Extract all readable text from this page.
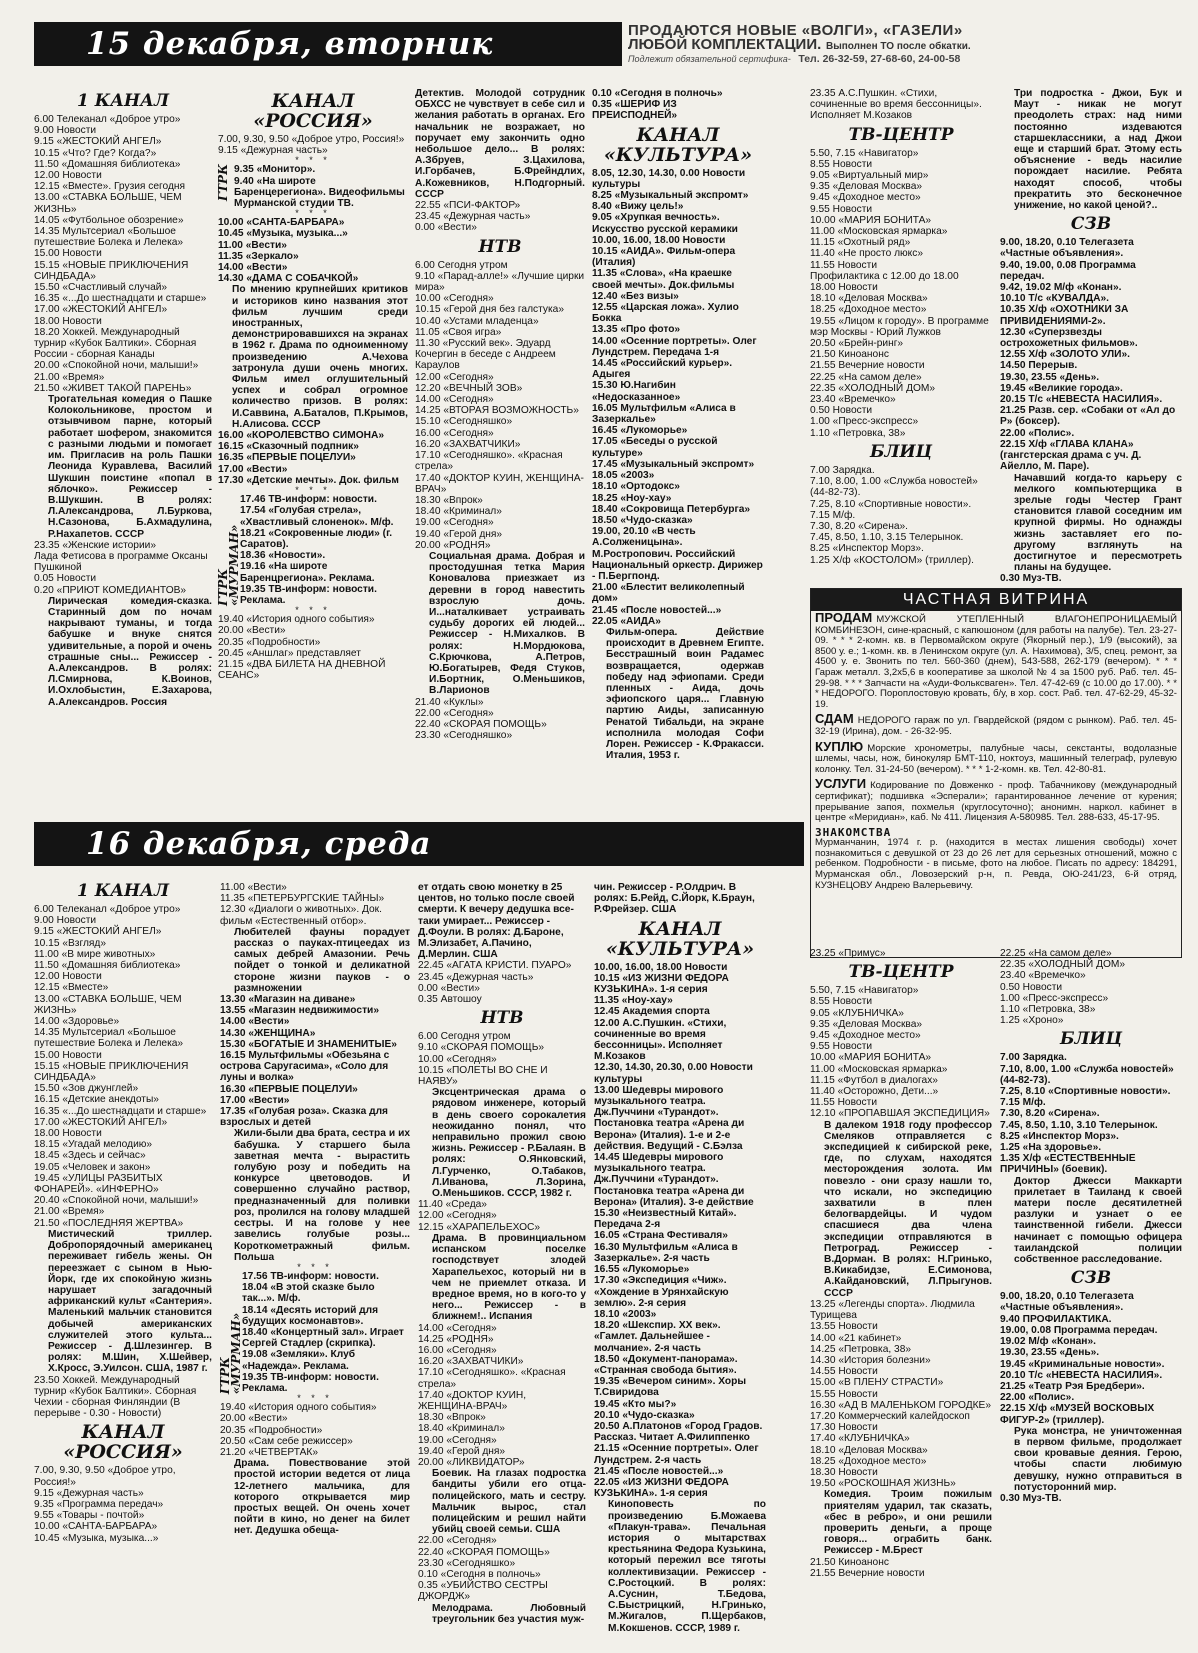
15 декабря, вторник	ПРОДАЮТСЯ НОВЫЕ «ВОЛГИ», «ГАЗЕЛИ»
ЛЮБОЙ КОМПЛЕКТАЦИИ. Выполнен ТО после обкатки.
Подлежит обязательной сертифика- Тел. 26-32-59, 27-68-60, 24-00-58
1 КАНАЛ
6.00 Телеканал «Доброе утро»
9.00 Новости
9.15 «ЖЕСТОКИЙ АНГЕЛ»
10.15 «Что? Где? Когда?»
11.50 «Домашняя библиотека»
12.00 Новости
12.15 «Вместе». Грузия сегодня
13.00 «СТАВКА БОЛЬШЕ, ЧЕМ ЖИЗНЬ»
14.05 «Футбольное обозрение»
14.35 Мультсериал «Большое путешествие Болека и Лелека»
15.00 Новости
15.15 «НОВЫЕ ПРИКЛЮЧЕНИЯ СИНДБАДА»
15.50 «Счастливый случай»
16.35 «...До шестнадцати и старше»
17.00 «ЖЕСТОКИЙ АНГЕЛ»
18.00 Новости
18.20 Хоккей. Международный турнир «Кубок Балтики». Сборная России - сборная Канады
20.00 «Спокойной ночи, малыши!»
21.00 «Время»
21.50 «ЖИВЕТ ТАКОЙ ПАРЕНЬ»
Трогательная комедия о Пашке Колокольникове, простом и отзывчивом парне, который работает шофером, знакомится с разными людьми и помогает им. Пригласив на роль Пашки Леонида Куравлева, Василий Шукшин поистине «попал в яблочко». Режиссер - В.Шукшин. В ролях: Л.Александрова, Л.Буркова, Н.Сазонова, Б.Ахмадулина, Р.Нахапетов. СССР
23.35 «Женские истории»
Лада Фетисова в программе Оксаны Пушкиной
0.05 Новости
0.20 «ПРИЮТ КОМЕДИАНТОВ»
Лирическая комедия-сказка. Старинный дом по ночам накрывают туманы, и тогда бабушке и внуке снятся удивительные, а порой и очень страшные сны... Режиссер - А.Александров. В ролях: Л.Смирнова, К.Воинов, И.Охлобыстин, Е.Захарова, А.Александров. Россия
КАНАЛ «РОССИЯ»
7.00, 9.30, 9.50 «Доброе утро, Россия!»
9.15 «Дежурная часть»
* * *
ГТРК 9.35 «Монитор».
9.40 «На широте Баренцерегиона». Видеофильмы Мурманской студии ТВ.
* * *
10.00 «САНТА-БАРБАРА»
10.45 «Музыка, музыка...»
11.00 «Вести»
11.35 «Зеркало»
14.00 «Вести»
14.30 «ДАМА С СОБАЧКОЙ»
По мнению крупнейших критиков и историков кино названия этот фильм лучшим среди иностранных, демонстрировавшихся на экранах в 1962 г. Драма по одноименному произведению А.Чехова затронула души очень многих. Фильм имел оглушительный успех и собрал огромное количество призов. В ролях: И.Саввина, А.Баталов, П.Крымов, Н.Алисова. СССР
16.00 «КОРОЛЕВСТВО СИМОНА»
16.15 «Сказочный подпник»
16.35 «ПЕРВЫЕ ПОЦЕЛУИ»
17.00 «Вести»
17.30 «Детские мечты». Док. фильм
* * *
ГТРК «МУРМАН»
17.46 ТВ-информ: новости.
17.54 «Голубая стрела», «Хвастливый слоненок». М/ф.
18.21 «Сокровенные люди» (г. Саратов).
18.36 «Новости».
19.16 «На широте Баренцрегиона». Реклама.
19.35 ТВ-информ: новости. Реклама.
* * *
19.40 «История одного события»
20.00 «Вести»
20.35 «Подробности»
20.45 «Аншлаг» представляет
21.15 «ДВА БИЛЕТА НА ДНЕВНОЙ СЕАНС»
Детектив. Молодой сотрудник ОБХСС не чувствует в себе сил и желания работать в органах. Его начальник не возражает, но поручает ему закончить одно небольшое дело... В ролях: А.Збруев, З.Цахилова, И.Горбачев, Б.Фрейндлих, А.Кожевников, Н.Подгорный. СССР
22.55 «ПСИ-ФАКТОР»
23.45 «Дежурная часть»
0.00 «Вести»
НТВ
6.00 Сегодня утром
9.10 «Парад-алле!» «Лучшие цирки мира»
10.00 «Сегодня»
10.15 «Герой дня без галстука»
10.40 «Устами младенца»
11.05 «Своя игра»
11.30 «Русский век». Эдуард Кочергин в беседе с Андреем Караулов
12.00 «Сегодня»
12.20 «ВЕЧНЫЙ ЗОВ»
14.00 «Сегодня»
14.25 «ВТОРАЯ ВОЗМОЖНОСТЬ»
15.10 «Сегодняшко»
16.00 «Сегодня»
16.20 «ЗАХВАТЧИКИ»
17.10 «Сегодняшко». «Красная стрела»
17.40 «ДОКТОР КУИН, ЖЕНЩИНА-ВРАЧ»
18.30 «Впрок»
18.40 «Криминал»
19.00 «Сегодня»
19.40 «Герой дня»
20.00 «РОДНЯ»
Социальная драма. Добрая и простодушная тетка Мария Коновалова приезжает из деревни в город навестить взрослую дочь. И...наталкивает устраивать судьбу дорогих ей людей... Режиссер - Н.Михалков. В ролях: Н.Мордюкова, С.Крючкова, А.Петров, Ю.Богатырев, Федя Стуков, И.Бортник, О.Меньшиков, В.Ларионов
21.40 «Куклы»
22.00 «Сегодня»
22.40 «СКОРАЯ ПОМОЩЬ»
23.30 «Сегодняшко»
0.10 «Сегодня в полночь»
0.35 «ШЕРИФ ИЗ ПРЕИСПОДНЕЙ»
КАНАЛ «КУЛЬТУРА»
8.05, 12.30, 14.30, 0.00 Новости культуры
8.25 «Музыкальный экспромт»
8.40 «Вижу цель!»
9.05 «Хрупкая вечность». Искусство русской керамики
10.00, 16.00, 18.00 Новости
10.15 «АИДА». Фильм-опера (Италия)
11.35 «Слова», «На краешке своей мечты». Док.фильмы
12.40 «Без визы»
12.55 «Царская ложа». Хулио Бокка
13.35 «Про фото»
14.00 «Осенние портреты». Олег Лундстрем. Передача 1-я
14.45 «Российский курьер». Адыгея
15.30 Ю.Нагибин «Недосказанное»
16.05 Мультфильм «Алиса в Зазеркалье»
16.45 «Лукоморье»
17.05 «Беседы о русской культуре»
17.45 «Музыкальный экспромт»
18.05 «2003»
18.10 «Ортодокс»
18.25 «Ноу-хау»
18.40 «Сокровища Петербурга»
18.50 «Чудо-сказка»
19.00, 20.10 «В честь А.Солженицына». М.Ростропович. Российский Национальный оркестр. Дирижер - П.Бергпонд.
21.00 «Блестит великолепный дом»
21.45 «После новостей...»
22.05 «АИДА»
Фильм-опера. Действие происходит в Древнем Египте. Бесстрашный воин Радамес возвращается, одержав победу над эфиопами. Среди пленных - Аида, дочь эфиопского царя... Главную партию Аиды, записанную Ренатой Тибальди, на экране исполнила молодая Софи Лорен. Режиссер - К.Фракасси. Италия, 1953 г.
23.35 А.С.Пушкин. «Стихи, сочиненные во время бессонницы». Исполняет М.Козаков
ТВ-ЦЕНТР
5.50, 7.15 «Навигатор»
8.55 Новости
9.05 «Виртуальный мир»
9.35 «Деловая Москва»
9.45 «Доходное место»
9.55 Новости
10.00 «МАРИЯ БОНИТА»
11.00 «Московская ярмарка»
11.15 «Охотный ряд»
11.40 «Не просто люкс»
11.55 Новости
Профилактика с 12.00 до 18.00
18.00 Новости
18.10 «Деловая Москва»
18.25 «Доходное место»
19.55 «Лицом к городу». В программе мэр Москвы - Юрий Лужков
20.50 «Брейн-ринг»
21.50 Киноанонс
21.55 Вечерние новости
22.25 «На самом деле»
22.35 «ХОЛОДНЫЙ ДОМ»
23.40 «Времечко»
0.50 Новости
1.00 «Пресс-экспресс»
1.10 «Петровка, 38»
БЛИЦ
7.00 Зарядка.
7.10, 8.00, 1.00 «Служба новостей» (44-82-73).
7.25, 8.10 «Спортивные новости».
7.15 М/ф.
7.30, 8.20 «Сирена».
7.45, 8.50, 1.10, 3.15 Телерынок.
8.25 «Инспектор Морз».
1.25 Х/ф «КОСТОЛОМ» (триллер).
Три подростка - Джои, Бук и Маут - никак не могут преодолеть страх: над ними постоянно издеваются старшеклассники, а над Джои еще и старший брат. Этому есть объяснение - ведь насилие порождает насилие. Ребята находят способ, чтобы прекратить это бесконечное унижение, но какой ценой?..
СЗВ
9.00, 18.20, 0.10 Телегазета «Частные объявления».
9.40, 19.00, 0.08 Программа передач.
9.42, 19.02 М/ф «Конан».
10.10 Т/с «КУВАЛДА».
10.35 Х/ф «ОХОТНИКИ ЗА ПРИВИДЕНИЯМИ-2».
12.30 «Суперзвезды острохожетных фильмов».
12.55 Х/ф «ЗОЛОТО УЛИ».
14.50 Перерыв.
19.30, 23.55 «День».
19.45 «Великие города».
20.15 Т/с «НЕВЕСТА НАСИЛИЯ».
21.25 Разв. сер. «Собаки от «Ал до Р» (боксер).
22.00 «Полис».
22.15 Х/ф «ГЛАВА КЛАНА» (гангстерская драма с уч. Д. Айелло, М. Паре).
Начавший когда-то карьеру с мелкого компьютерщика в зрелые годы Честер Грант становится главой соседним им крупной фирмы. Но однажды жизнь заставляет его по-другому взглянуть на достигнутое и пересмотреть планы на будущее.
0.30 Муз-ТВ.
ЧАСТНАЯ ВИТРИНА
ПРОДАМ МУЖСКОЙ УТЕПЛЕННЫЙ ВЛАГОНЕПРОНИЦАЕМЫЙ КОМБИНЕЗОН, сине-красный, с капюшоном (для работы на палубе). Тел. 23-27-09. * * * 2-комн. кв. в Первомайском округе (Якорный пер.), 1/9 (высокий), за 8500 у. е.; 1-комн. кв. в Ленинском округе (ул. А. Нахимова), 3/5, спец. ремонт, за 4500 у. е. Звонить по тел. 560-360 (днем), 543-588, 262-179 (вечером). * * * Гараж металл. 3,2х5,6 в кооперативе за школой № 4 за 1500 руб. Раб. тел. 45-29-98. * * * Запчасти на «Ауди-Фольксваген». Тел. 47-42-69 (с 10.00 до 17.00). * * * НЕДОРОГО. Пороплостовую кровать, б/у, в хор. сост. Раб. тел. 47-62-29, 45-32-19.
СДАМ НЕДОРОГО гараж по ул. Гвардейской (рядом с рынком). Раб. тел. 45-32-19 (Ирина), дом. - 26-32-95.
КУПЛЮ Морские хронометры, палубные часы, секстанты, водолазные шлемы, часы, нож, бинокуляр БМТ-110, ноктоуз, машинный телеграф, рулевую колонку. Тел. 31-24-50 (вечером). * * * 1-2-комн. кв. Тел. 42-80-81.
УСЛУГИ Кодирование по Довженко - проф. Табачникову (международный сертификат); подшивка «Эсперали»; гарантированное лечение от курения; прерывание запоя, похмелья (круглосуточно); анонимн. наркол. кабинет в центре «Меридиан», каб. № 411. Лицензия А-580985. Тел. 288-633, 45-17-95.
ЗНАКОМСТВА
Мурманчанин, 1974 г. р. (находится в местах лишения свободы) хочет познакомиться с девушкой от 23 до 26 лет для серьезных отношений, можно с ребенком. Подробности - в письме, фото на любое. Писать по адресу: 184291, Мурманская обл., Ловозерский р-н, п. Ревда, ОЮ-241/23, 6-й отряд, КУЗНЕЦОВУ Андрею Валерьевичу.
16 декабря, среда
1 КАНАЛ
6.00 Телеканал «Доброе утро»
9.00 Новости
9.15 «ЖЕСТОКИЙ АНГЕЛ»
10.15 «Взгляд»
11.00 «В мире животных»
11.50 «Домашняя библиотека»
12.00 Новости
12.15 «Вместе»
13.00 «СТАВКА БОЛЬШЕ, ЧЕМ ЖИЗНЬ»
14.00 «Здоровье»
14.35 Мультсериал «Большое путешествие Болека и Лелека»
15.00 Новости
15.15 «НОВЫЕ ПРИКЛЮЧЕНИЯ СИНДБАДА»
15.50 «Зов джунглей»
16.15 «Детские анекдоты»
16.35 «...До шестнадцати и старше»
17.00 «ЖЕСТОКИЙ АНГЕЛ»
18.00 Новости
18.15 «Угадай мелодию»
18.45 «Здесь и сейчас»
19.05 «Человек и закон»
19.45 «УЛИЦЫ РАЗБИТЫХ ФОНАРЕЙ». «ИНФЕРНО»
20.40 «Спокойной ночи, малыши!»
21.00 «Время»
21.50 «ПОСЛЕДНЯЯ ЖЕРТВА»
Мистический триллер. Добропорядочный американец переживает гибель жены. Он переезжает с сыном в Нью-Йорк, где их спокойную жизнь нарушает загадочный африканский культ «Сантерия». Маленький мальчик становится добычей американских служителей этого культа... Режиссер - Д.Шлезингер. В ролях: М.Шин, Х.Шейвер, Х.Кросс, Э.Уилсон. США, 1987 г.
23.50 Хоккей. Международный турнир «Кубок Балтики». Сборная Чехии - сборная Финляндии (В перерыве - 0.30 - Новости)
КАНАЛ «РОССИЯ»
7.00, 9.30, 9.50 «Доброе утро, Россия!»
9.15 «Дежурная часть»
9.35 «Программа передач»
9.55 «Товары - почтой»
10.00 «САНТА-БАРБАРА»
10.45 «Музыка, музыка...»
11.00 «Вести»
11.35 «ПЕТЕРБУРГСКИЕ ТАЙНЫ»
12.30 «Диалоги о животных». Док. фильм «Естественный отбор».
Любителей фауны порадует рассказ о пауках-птицеедах из самых дебрей Амазонии. Речь пойдет о тонкой и деликатной стороне жизни пауков - о размножении
13.30 «Магазин на диване»
13.55 «Магазин недвижимости»
14.00 «Вести»
14.30 «ЖЕНЩИНА»
15.30 «БОГАТЫЕ И ЗНАМЕНИТЫЕ»
16.15 Мультфильмы «Обезьяна с острова Саругасима», «Соло для луны и волка»
16.30 «ПЕРВЫЕ ПОЦЕЛУИ»
17.00 «Вести»
17.35 «Голубая роза». Сказка для взрослых и детей
Жили-были два брата, сестра и их бабушка. У старшего была заветная мечта - вырастить голубую розу и победить на конкурсе цветоводов. И совершенно случайно раствор, предназначенный для поливки роз, пролился на голову младшей сестры. И на голове у нее завелись голубые розы... Короткометражный фильм. Польша
* * *
ГТРК «МУРМАН»
17.56 ТВ-информ: новости.
18.04 «В этой сказке было так...». М/ф.
18.14 «Десять историй для будущих космонавтов».
18.40 «Концертный зал». Играет Сергей Стадлер (скрипка).
19.08 «Земляки». Клуб «Надежда». Реклама.
19.35 ТВ-информ: новости. Реклама.
* * *
19.40 «История одного события»
20.00 «Вести»
20.35 «Подробности»
20.50 «Сам себе режиссер»
21.20 «ЧЕТВЕРТАК»
Драма. Повествование этой простой истории ведется от лица 12-летнего мальчика, для которого открывается мир простых вещей. Он очень хочет пойти в кино, но денег на билет нет. Дедушка обеща-
ет отдать свою монетку в 25 центов, но только после своей смерти. К вечеру дедушка все-таки умирает... Режиссер - Д.Фоули. В ролях: Д.Бароне, М.Элизабет, А.Пачино, Д.Мерлин. США
22.45 «АГАТА КРИСТИ. ПУАРО»
23.45 «Дежурная часть»
0.00 «Вести»
0.35 Автошоу
НТВ
6.00 Сегодня утром
9.10 «СКОРАЯ ПОМОЩЬ»
10.00 «Сегодня»
10.15 «ПОЛЕТЫ ВО СНЕ И НАЯВУ»
Эксцентрическая драма о рядовом инженере, который в день своего сорокалетия неожиданно понял, что неправильно прожил свою жизнь. Режиссер - Р.Балаян. В ролях: О.Янковский, Л.Гурченко, О.Табаков, Л.Иванова, Л.Зорина, О.Меньшиков. СССР, 1982 г.
11.40 «Среда»
12.00 «Сегодня»
12.15 «ХАРАПЕЛЬЕХОС»
Драма. В провинциальном испанском поселке господствует злодей Харапельехос, который ни в чем не приемлет отказа. И вредное время, но в кого-то у него... Режиссер - в ближнем!.. Испания
14.00 «Сегодня»
14.25 «РОДНЯ»
16.00 «Сегодня»
16.20 «ЗАХВАТЧИКИ»
17.10 «Сегодняшко». «Красная стрела»
17.40 «ДОКТОР КУИН, ЖЕНЩИНА-ВРАЧ»
18.30 «Впрок»
18.40 «Криминал»
19.00 «Сегодня»
19.40 «Герой дня»
20.00 «ЛИКВИДАТОР»
Боевик. На глазах подростка бандиты убили его отца-полицейского, мать и сестру. Мальчик вырос, стал полицейским и решил найти убийц своей семьи. США
22.00 «Сегодня»
22.40 «СКОРАЯ ПОМОЩЬ»
23.30 «Сегодняшко»
0.10 «Сегодня в полночь»
0.35 «УБИЙСТВО СЕСТРЫ ДЖОРДЖ»
Мелодрама. Любовный треугольник без участия муж-
чин. Режиссер - Р.Олдрич. В ролях: Б.Рейд, С.Йорк, К.Браун, Р.Фрейзер. США
КАНАЛ «КУЛЬТУРА»
10.00, 16.00, 18.00 Новости
10.15 «ИЗ ЖИЗНИ ФЕДОРА КУЗЬКИНА». 1-я серия
11.35 «Ноу-хау»
12.45 Академия спорта
12.00 А.С.Пушкин. «Стихи, сочиненные во время бессонницы». Исполняет М.Козаков
12.30, 14.30, 20.30, 0.00 Новости культуры
13.00 Шедевры мирового музыкального театра. Дж.Пуччини «Турандот». Постановка театра «Арена ди Верона» (Италия). 1-е и 2-е действия. Ведущий - С.Бэлза
14.45 Шедевры мирового музыкального театра. Дж.Пуччини «Турандот». Постановка театра «Арена ди Верона» (Италия). 3-е действие
15.30 «Неизвестный Китай». Передача 2-я
16.05 «Страна Фестиваля»
16.30 Мультфильм «Алиса в Зазеркалье». 2-я часть
16.55 «Лукоморье»
17.30 «Экспедиция «Чиж». «Хождение в Урянхайскую землю». 2-я серия
18.10 «2003»
18.20 «Шекспир. XX век». «Гамлет. Дальнейшее - молчание». 2-я часть
18.50 «Документ-панорама». «Странная свобода бытия».
19.35 «Вечером синим». Хоры Т.Свиридова
19.45 «Кто мы?»
20.10 «Чудо-сказка»
20.50 А.Платонов «Город Градов. Рассказ. Читает А.Филиппенко
21.15 «Осенние портреты». Олег Лундстрем. 2-я часть
21.45 «После новостей...»
22.05 «ИЗ ЖИЗНИ ФЕДОРА КУЗЬКИНА». 1-я серия
Киноповесть по произведению Б.Можаева «Плакун-трава». Печальная история о мытарствах крестьянина Федора Кузькина, который пережил все тяготы коллективизации. Режиссер - С.Ростоцкий. В ролях: А.Суснин, Т.Бедова, С.Быстрицкий, Н.Гринько, М.Жигалов, П.Щербаков, М.Кокшенов. СССР, 1989 г.
23.25 «Примус»
ТВ-ЦЕНТР
5.50, 7.15 «Навигатор»
8.55 Новости
9.05 «КЛУБНИЧКА»
9.35 «Деловая Москва»
9.45 «Доходное место»
9.55 Новости
10.00 «МАРИЯ БОНИТА»
11.00 «Московская ярмарка»
11.15 «Футбол в диалогах»
11.40 «Осторожно, Дети...»
11.55 Новости
12.10 «ПРОПАВШАЯ ЭКСПЕДИЦИЯ»
В далеком 1918 году профессор Смеляков отправляется с экспедицией к сибирской реке, где, по слухам, находятся месторождения золота. Им повезло - они сразу нашли то, что искали, но экспедицию захватили в плен белогвардейцы. И чудом спасшиеся два члена экспедиции отправляются в Петроград. Режиссер - В.Дорман. В ролях: Н.Гринько, В.Кикабидзе, Е.Симонова, А.Кайдановский, Л.Прыгунов. СССР
13.25 «Легенды спорта». Людмила Турищева
13.55 Новости
14.00 «21 кабинет»
14.25 «Петровка, 38»
14.30 «История болезни»
14.55 Новости
15.00 «В ПЛЕНУ СТРАСТИ»
15.55 Новости
16.30 «АД В МАЛЕНЬКОМ ГОРОДКЕ»
17.20 Коммерческий калейдоскоп
17.30 Новости
17.40 «КЛУБНИЧКА»
18.10 «Деловая Москва»
18.25 «Доходное место»
18.30 Новости
19.50 «РОСКОШНАЯ ЖИЗНЬ»
Комедия. Троим пожилым приятелям ударил, так сказать, «бес в ребро», и они решили проверить деньги, а проще говоря... ограбить банк. Режиссер - М.Брест
21.50 Киноанонс
21.55 Вечерние новости
22.25 «На самом деле»
22.35 «ХОЛОДНЫЙ ДОМ»
23.40 «Времечко»
0.50 Новости
1.00 «Пресс-экспресс»
1.10 «Петровка, 38»
1.25 «Хроно»
БЛИЦ
7.00 Зарядка.
7.10, 8.00, 1.00 «Служба новостей» (44-82-73).
7.25, 8.10 «Спортивные новости».
7.15 М/ф.
7.30, 8.20 «Сирена».
7.45, 8.50, 1.10, 3.10 Телерынок.
8.25 «Инспектор Морз».
1.25 «На здоровье».
1.35 Х/ф «ЕСТЕСТВЕННЫЕ ПРИЧИНЫ» (боевик).
Доктор Джесси Маккарти прилетает в Таиланд к своей матери после десятилетней разлуки и узнает о ее таинственной гибели. Джесси начинает с помощью офицера таиландской полиции собственное расследование.
СЗВ
9.00, 18.20, 0.10 Телегазета «Частные объявления».
9.40 ПРОФИЛАКТИКА.
19.00, 0.08 Программа передач.
19.02 М/ф «Конан».
19.30, 23.55 «День».
19.45 «Криминальные новости».
20.10 Т/с «НЕВЕСТА НАСИЛИЯ».
21.25 «Театр Рэя Бредбери».
22.00 «Полис».
22.15 Х/ф «МУЗЕЙ ВОСКОВЫХ ФИГУР-2» (триллер).
Рука монстра, не уничтоженная в первом фильме, продолжает свои кровавые деяния. Герою, чтобы спасти любимую девушку, нужно отправиться в потусторонний мир.
0.30 Муз-ТВ.
